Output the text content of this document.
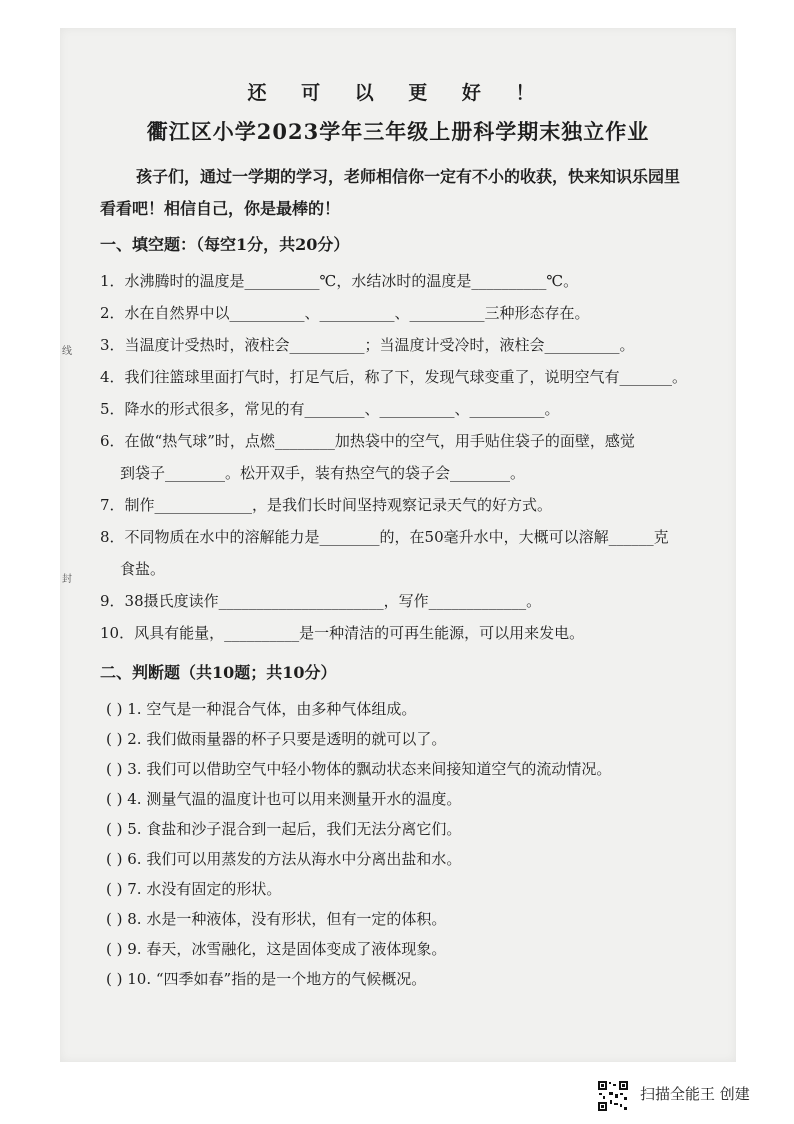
线
封
还 可 以 更 好 ！
衢江区小学2023学年三年级上册科学期末独立作业
孩子们，通过一学期的学习，老师相信你一定有不小的收获，快来知识乐园里
看看吧！相信自己，你是最棒的！
一、填空题：（每空1分，共20分）
1．水沸腾时的温度是__________℃，水结冰时的温度是__________℃。
2．水在自然界中以__________、__________、__________三种形态存在。
3．当温度计受热时，液柱会__________；当温度计受冷时，液柱会__________。
4．我们往篮球里面打气时，打足气后，称了下，发现气球变重了，说明空气有_______。
5．降水的形式很多，常见的有________、__________、__________。
6．在做“热气球”时，点燃________加热袋中的空气，用手贴住袋子的面壁，感觉
到袋子________。松开双手，装有热空气的袋子会________。
7．制作_____________，是我们长时间坚持观察记录天气的好方式。
8．不同物质在水中的溶解能力是________的，在50毫升水中，大概可以溶解______克
食盐。
9．38摄氏度读作______________________，写作_____________。
10．风具有能量，__________是一种清洁的可再生能源，可以用来发电。
二、判断题（共10题；共10分）
( ) 1. 空气是一种混合气体，由多种气体组成。
( ) 2. 我们做雨量器的杯子只要是透明的就可以了。
( ) 3. 我们可以借助空气中轻小物体的飘动状态来间接知道空气的流动情况。
( ) 4. 测量气温的温度计也可以用来测量开水的温度。
( ) 5. 食盐和沙子混合到一起后，我们无法分离它们。
( ) 6. 我们可以用蒸发的方法从海水中分离出盐和水。
( ) 7. 水没有固定的形状。
( ) 8. 水是一种液体，没有形状，但有一定的体积。
( ) 9. 春天，冰雪融化，这是固体变成了液体现象。
( ) 10. “四季如春”指的是一个地方的气候概况。
扫描全能王 创建
